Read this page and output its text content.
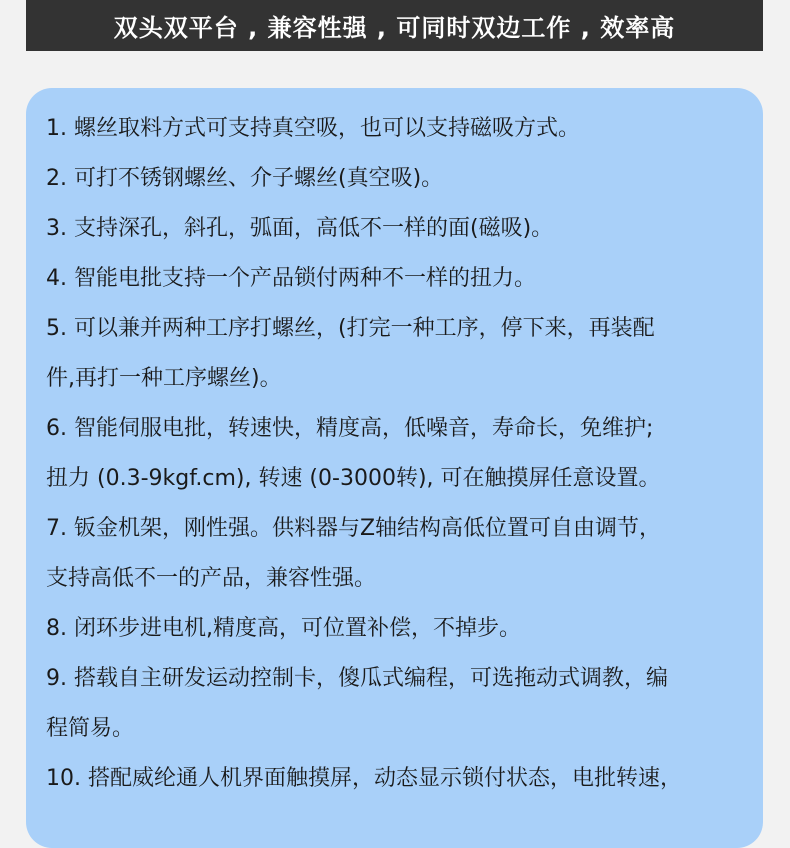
双头双平台 , 兼容性强 , 可同时双边工作 , 效率高
1. 螺丝取料方式可支持真空吸，也可以支持磁吸方式。
2. 可打不锈钢螺丝、介子螺丝(真空吸)。
3. 支持深孔，斜孔，弧面，高低不一样的面(磁吸)。
4. 智能电批支持一个产品锁付两种不一样的扭力。
5. 可以兼并两种工序打螺丝，(打完一种工序，停下来，再装配
件,再打一种工序螺丝)。
6. 智能伺服电批，转速快，精度高，低噪音，寿命长，免维护;
扭力 (0.3-9kgf.cm), 转速 (0-3000转), 可在触摸屏任意设置。
7. 钣金机架，刚性强。供料器与Z轴结构高低位置可自由调节，
支持高低不一的产品，兼容性强。
8. 闭环步进电机,精度高，可位置补偿，不掉步。
9. 搭载自主研发运动控制卡，傻瓜式编程，可选拖动式调教，编
程简易。
10. 搭配威纶通人机界面触摸屏，动态显示锁付状态，电批转速，
